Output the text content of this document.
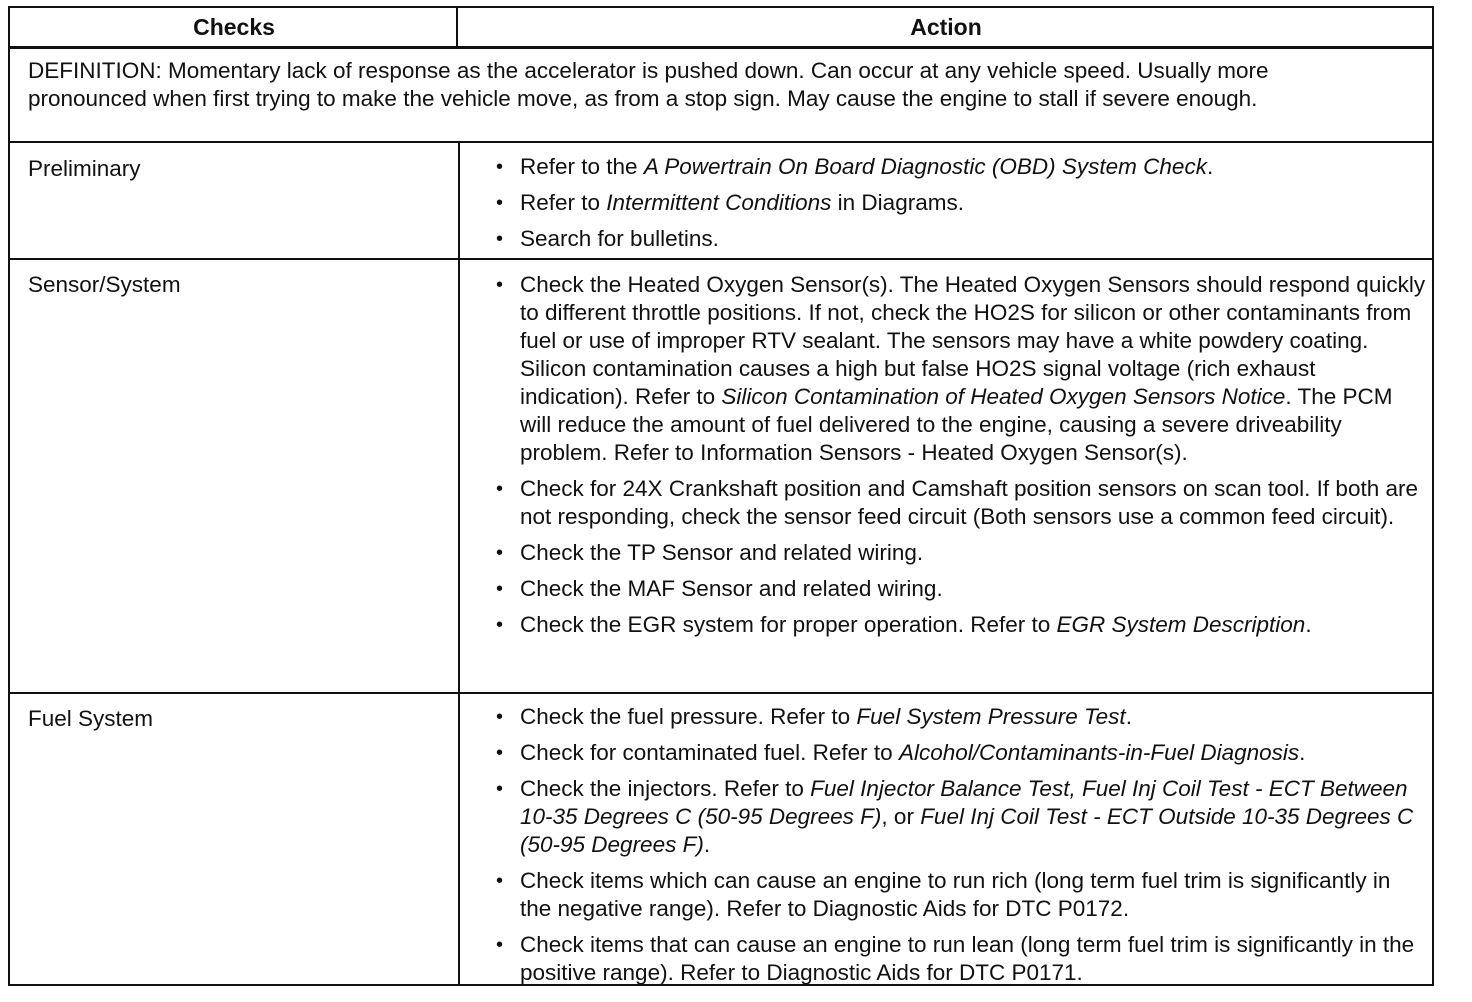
Checks	Action
DEFINITION: Momentary lack of response as the accelerator is pushed down. Can occur at any vehicle speed. Usually more pronounced when first trying to make the vehicle move, as from a stop sign. May cause the engine to stall if severe enough.
Preliminary	• Refer to the A Powertrain On Board Diagnostic (OBD) System Check.
• Refer to Intermittent Conditions in Diagrams.
• Search for bulletins.
Sensor/System	• Check the Heated Oxygen Sensor(s). The Heated Oxygen Sensors should respond quickly to different throttle positions. If not, check the HO2S for silicon or other contaminants from fuel or use of improper RTV sealant. The sensors may have a white powdery coating. Silicon contamination causes a high but false HO2S signal voltage (rich exhaust indication). Refer to Silicon Contamination of Heated Oxygen Sensors Notice. The PCM will reduce the amount of fuel delivered to the engine, causing a severe driveability problem. Refer to Information Sensors - Heated Oxygen Sensor(s).
• Check for 24X Crankshaft position and Camshaft position sensors on scan tool. If both are not responding, check the sensor feed circuit (Both sensors use a common feed circuit).
• Check the TP Sensor and related wiring.
• Check the MAF Sensor and related wiring.
• Check the EGR system for proper operation. Refer to EGR System Description.
Fuel System	• Check the fuel pressure. Refer to Fuel System Pressure Test.
• Check for contaminated fuel. Refer to Alcohol/Contaminants-in-Fuel Diagnosis.
• Check the injectors. Refer to Fuel Injector Balance Test, Fuel Inj Coil Test - ECT Between 10-35 Degrees C (50-95 Degrees F), or Fuel Inj Coil Test - ECT Outside 10-35 Degrees C (50-95 Degrees F).
• Check items which can cause an engine to run rich (long term fuel trim is significantly in the negative range). Refer to Diagnostic Aids for DTC P0172.
• Check items that can cause an engine to run lean (long term fuel trim is significantly in the positive range). Refer to Diagnostic Aids for DTC P0171.
